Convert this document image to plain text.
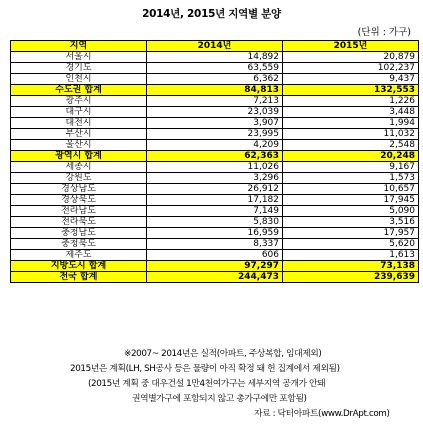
2014년, 2015년 지역별 분양
(단위 : 가구)
지역	2014년	2015년
서울시	14,892	20,879
경기도	63,559	102,237
인천시	6,362	9,437
수도권 합계	84,813	132,553
광주시	7,213	1,226
대구시	23,039	3,448
대전시	3,907	1,994
부산시	23,995	11,032
울산시	4,209	2,548
광역시 합계	62,363	20,248
세종시	11,026	9,167
강원도	3,296	1,573
경상남도	26,912	10,657
경상북도	17,182	17,945
전라남도	7,149	5,090
전라북도	5,830	3,516
충청남도	16,959	17,957
충청북도	8,337	5,620
제주도	606	1,613
지방도시 합계	97,297	73,138
전국 합계	244,473	239,639
※2007~ 2014년은 실적(아파트, 주상복합, 임대제외)
2015년은 계획(LH, SH공사 등은 물량이 아직 확정 돼 헌 집계에서 제외됨)
(2015년 계획 중 대우건설 1만4천여가구는 세부지역 공개가 안돼
권역별가구에 포함되지 않고 총가구에만 포함됨)
자료 : 닥터아파트(www.DrApt.com)
